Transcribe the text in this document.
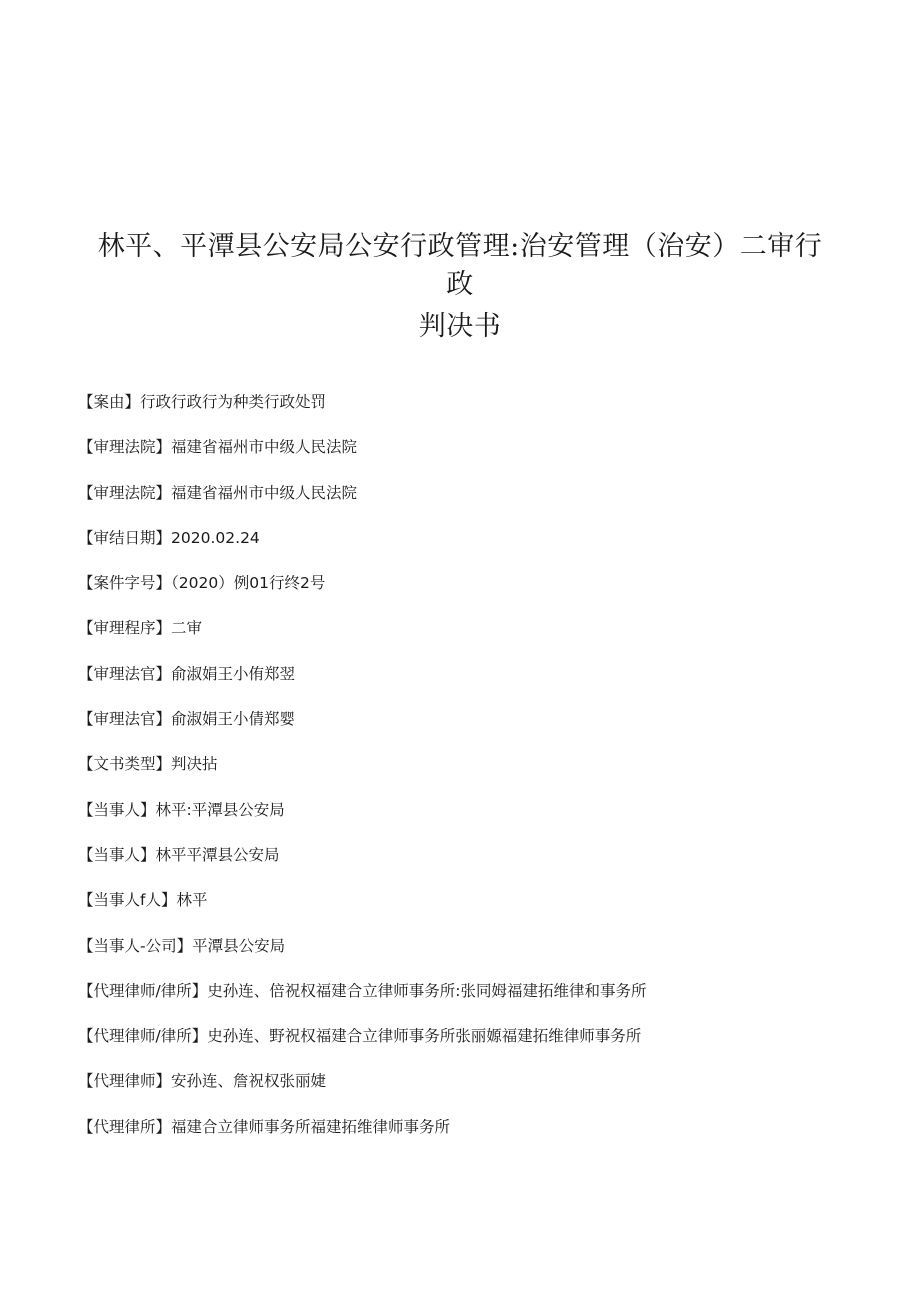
林平、平潭县公安局公安行政管理:治安管理（治安）二审行
政
判决书
【 案由 】 行政行政行为种类行政处罚
【 审理法院 】 福建省福州市中级人民法院
【 审理法院 】 福建省福州市中级人民法院
【 审结日期 】 2020.02.24
【 案件字号 】 （2020）例01行终2号
【 审理程序 】 二审
【 审理法官 】 俞淑娟王小侑郑翌
【 审理法官 】 俞淑娟王小倩郑婴
【 文书类型 】 判决拈
【 当事人 】 林平:平潭县公安局
【 当事人 】 林平平潭县公安局
【 当事人f人 】 林平
【 当事人-公司 】 平潭县公安局
【 代理律师/律所 】 史孙连、倍祝权福建合立律师事务所:张同姆福建拓维律和事务所
【 代理律师/律所 】 史孙连、野祝权福建合立律师事务所张丽嫄福建拓维律师事务所
【 代理律师 】 安孙连、詹祝权张丽婕
【 代理律所 】 福建合立律师事务所福建拓维律师事务所
